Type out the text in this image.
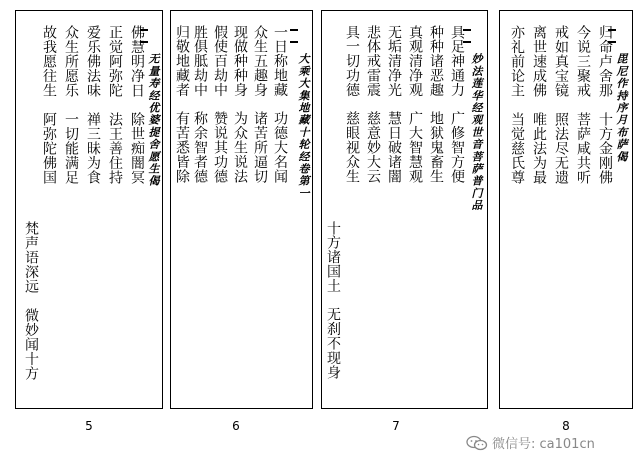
无量寿经优婆提舍愿生偈
佛慧明净日　除世痴闇冥
正觉阿弥陀　法王善住持
爱乐佛法味　禅三昧为食
众生所愿乐　一切能满足
故我愿往生　阿弥陀佛国
梵声语深远　微妙闻十方
5
大乘大集地藏十轮经卷第一
一日称地藏　功德大名闻
众生五趣身　诸苦所逼切
现做种种身　为众生说法
假使百劫中　赞说其功德
胜俱胝劫中　称余智者德
归敬地藏者　有苦悉皆除
6
妙法莲华经观世音菩萨普门品
具足神通力　广修智方便
种种诸恶趣　地狱鬼畜生
真观清净观　广大智慧观
无垢清净光　慧日破诸闇
悲体戒雷震　慈意妙大云
具一切功德　慈眼视众生
十方诸国土　无刹不现身
7
毘尼作持序月布萨偈
归命卢舍那　十方金刚佛
今说三聚戒　菩萨咸共听
戒如真宝镜　照法尽无遗
离世速成佛　唯此法为最
亦礼前论主　当觉慈氏尊
8
微信号: ca101cn
